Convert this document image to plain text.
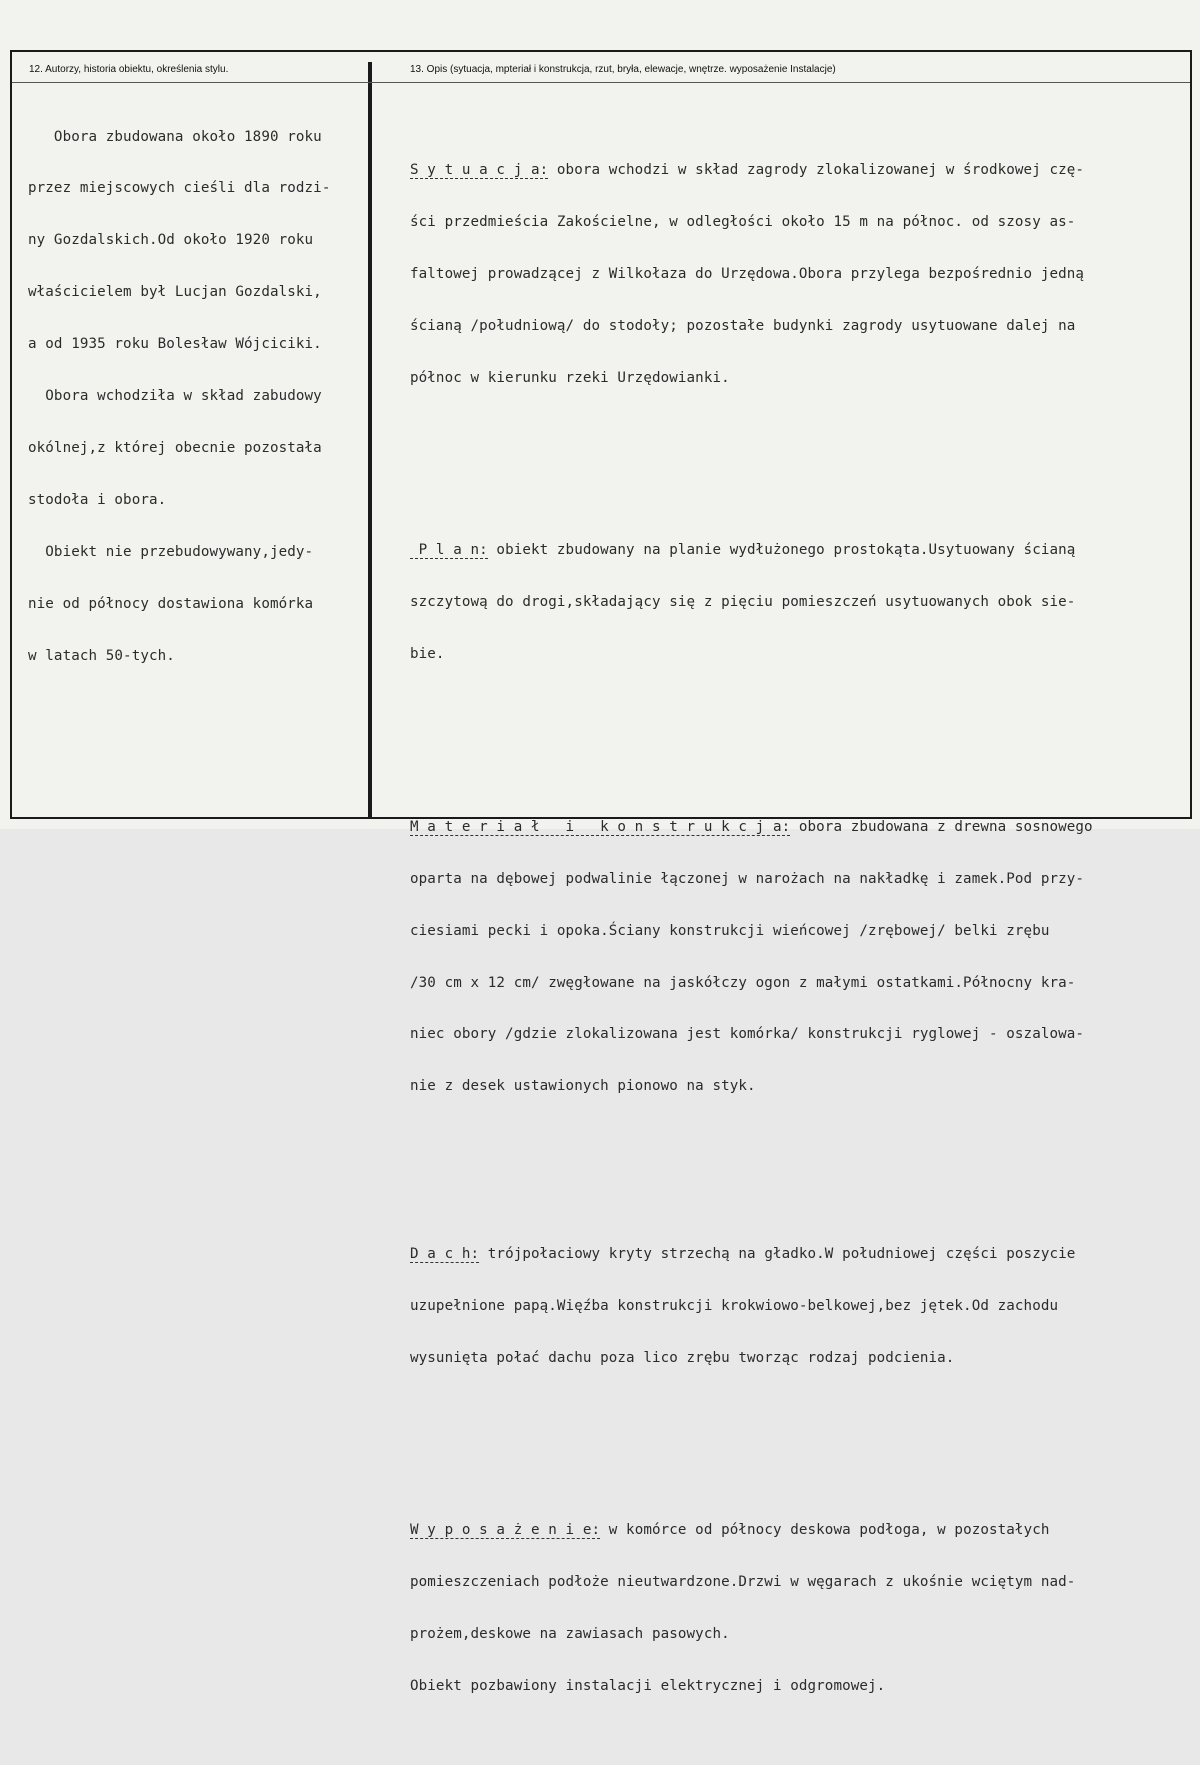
12. Autorzy, historia obiektu, określenia stylu.	13. Opis (sytuacja, mpteriał i konstrukcja, rzut, bryła, elewacje, wnętrze. wyposażenie Instalacje)

Obora zbudowana około 1890 roku

przez miejscowych cieśli dla rodzi-

ny Gozdalskich.Od około 1920 roku

właścicielem był Lucjan Gozdalski,

a od 1935 roku Bolesław Wójciciki.

Obora wchodziła w skład zabudowy

okólnej,z której obecnie pozostała

stodoła i obora.

Obiekt nie przebudowywany,jedy-

nie od północy dostawiona komórka

w latach 50-tych.

S y t u a c j a: obora wchodzi w skład zagrody zlokalizowanej w środkowej czę-

ści przedmieścia Zakościelne, w odległości około 15 m na północ. od szosy as-

faltowej prowadzącej z Wilkołaza do Urzędowa.Obora przylega bezpośrednio jedną

ścianą /południową/ do stodoły; pozostałe budynki zagrody usytuowane dalej na

północ w kierunku rzeki Urzędowianki.

P l a n: obiekt zbudowany na planie wydłużonego prostokąta.Usytuowany ścianą

szczytową do drogi,składający się z pięciu pomieszczeń usytuowanych obok sie-

bie.

M a t e r i a ł   i   k o n s t r u k c j a: obora zbudowana z drewna sosnowego

oparta na dębowej podwalinie łączonej w narożach na nakładkę i zamek.Pod przy-

ciesiami pecki i opoka.Ściany konstrukcji wieńcowej /zrębowej/ belki zrębu

/30 cm x 12 cm/ zwęgłowane na jaskółczy ogon z małymi ostatkami.Północny kra-

niec obory /gdzie zlokalizowana jest komórka/ konstrukcji ryglowej - oszalowa-

nie z desek ustawionych pionowo na styk.

D a c h: trójpołaciowy kryty strzechą na gładko.W południowej części poszycie

uzupełnione papą.Więźba konstrukcji krokwiowo-belkowej,bez jętek.Od zachodu

wysunięta połać dachu poza lico zrębu tworząc rodzaj podcienia.

W y p o s a ż e n i e: w komórce od północy deskowa podłoga, w pozostałych

pomieszczeniach podłoże nieutwardzone.Drzwi w węgarach z ukośnie wciętym nad-

prożem,deskowe na zawiasach pasowych.

Obiekt pozbawiony instalacji elektrycznej i odgromowej.
